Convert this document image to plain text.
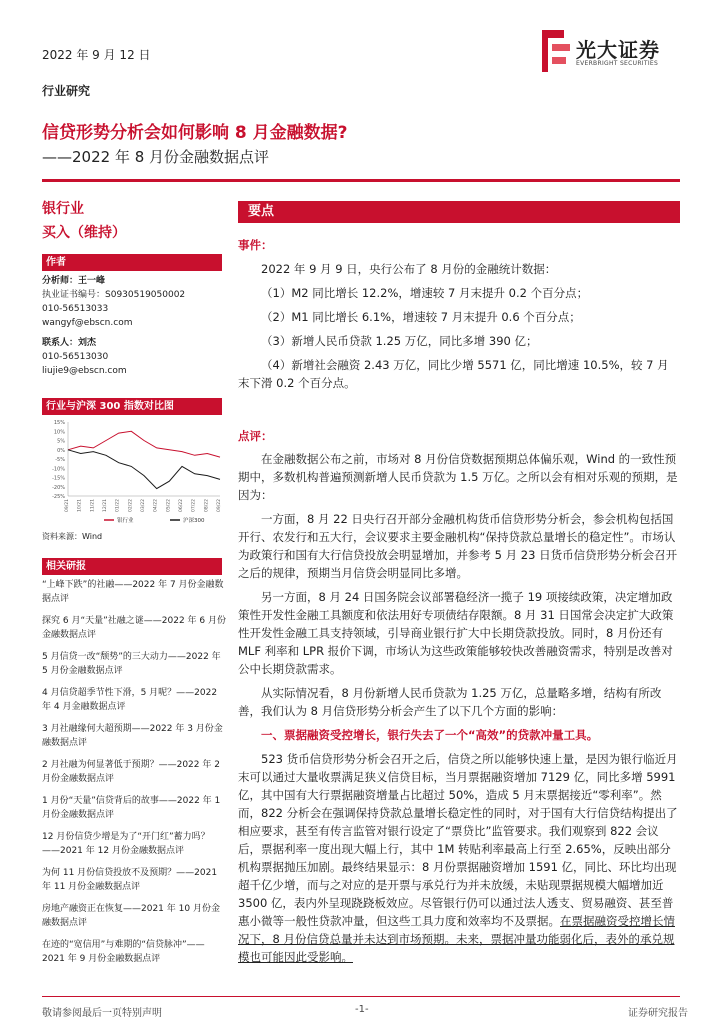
2022 年 9 月 12 日	光大证券
EVERBRIGHT SECURITIES
行业研究
信贷形势分析会如何影响 8 月金融数据?
——2022 年 8 月份金融数据点评
银行业
买入（维持）
作者
分析师：王一峰
执业证书编号：S0930519050002
010-56513033
wangyf@ebscn.com
联系人：刘杰
010-56513030
liujie9@ebscn.com
行业与沪深 300 指数对比图
15%
10%
5%
0%
-5%
-10%
-15%
-20%
-25%
09/21 10/21 11/21 12/21 01/22 02/22 03/22 04/22 05/22 06/22 07/22 08/22 09/22
银行业	沪深300
资料来源：Wind
相关研报
“上峰下跌”的社融——2022 年 7 月份金融数据点评
探究 6 月“天量”社融之谜——2022 年 6 月份金融数据点评
5 月信贷一改“颓势”的三大动力——2022 年 5 月份金融数据点评
4 月信贷超季节性下滑，5 月呢？——2022 年 4 月金融数据点评
3 月社融缘何大超预期——2022 年 3 月份金融数据点评
2 月社融为何显著低于预期？——2022 年 2 月份金融数据点评
1 月份“天量”信贷背后的故事——2022 年 1 月份金融数据点评
12 月份信贷少增是为了“开门红”蓄力吗？——2021 年 12 月份金融数据点评
为何 11 月份信贷投放不及预期？——2021 年 11 月份金融数据点评
房地产融资正在恢复——2021 年 10 月份金融数据点评
在迹的“宽信用”与难期的“信贷脉冲”——2021 年 9 月份金融数据点评
要点
事件：

2022 年 9 月 9 日，央行公布了 8 月份的金融统计数据：

（1）M2 同比增长 12.2%，增速较 7 月末提升 0.2 个百分点；

（2）M1 同比增长 6.1%，增速较 7 月末提升 0.6 个百分点；

（3）新增人民币贷款 1.25 万亿，同比多增 390 亿；

（4）新增社会融资 2.43 万亿，同比少增 5571 亿，同比增速 10.5%，较 7 月末下滑 0.2 个百分点。

点评：

在金融数据公布之前，市场对 8 月份信贷数据预期总体偏乐观，Wind 的一致性预期中，多数机构普遍预测新增人民币贷款为 1.5 万亿。之所以会有相对乐观的预期，是因为：

一方面，8 月 22 日央行召开部分金融机构货币信贷形势分析会，参会机构包括国开行、农发行和五大行，会议要求主要金融机构“保持贷款总量增长的稳定性”。市场认为政策行和国有大行信贷投放会明显增加，并参考 5 月 23 日货币信贷形势分析会召开之后的规律，预期当月信贷会明显同比多增。

另一方面，8 月 24 日国务院会议部署稳经济一揽子 19 项接续政策，决定增加政策性开发性金融工具额度和依法用好专项债结存限额。8 月 31 日国常会决定扩大政策性开发性金融工具支持领域，引导商业银行扩大中长期贷款投放。同时，8 月份还有 MLF 利率和 LPR 报价下调，市场认为这些政策能够较快改善融资需求，特别是改善对公中长期贷款需求。

从实际情况看，8 月份新增人民币贷款为 1.25 万亿，总量略多增，结构有所改善，我们认为 8 月信贷形势分析会产生了以下几个方面的影响：

一、票据融资受控增长，银行失去了一个“高效”的贷款冲量工具。

523 货币信贷形势分析会召开之后，信贷之所以能够快速上量，是因为银行临近月末可以通过大量收票满足狭义信贷目标，当月票据融资增加 7129 亿，同比多增 5991 亿，其中国有大行票据融资增量占比超过 50%，造成 5 月末票据接近“零利率”。然而，822 分析会在强调保持贷款总量增长稳定性的同时，对于国有大行信贷结构提出了相应要求，甚至有传言监管对银行设定了“票贷比”监管要求。我们观察到 822 会议后，票据利率一度出现大幅上行，其中 1M 转贴利率最高上行至 2.65%，反映出部分机构票据抛压加剧。最终结果显示：8 月份票据融资增加 1591 亿，同比、环比均出现超千亿少增，而与之对应的是开票与承兑行为并未放缓，未贴现票据规模大幅增加近 3500 亿，表内外呈现跷跷板效应。尽管银行仍可以通过法人透支、贸易融资、甚至普惠小微等一般性贷款冲量，但这些工具力度和效率均不及票据。在票据融资受控增长情况下，8 月份信贷总量并未达到市场预期。未来，票据冲量功能弱化后，表外的承兑规模也可能因此受影响。

敬请参阅最后一页特别声明	-1-	证券研究报告
